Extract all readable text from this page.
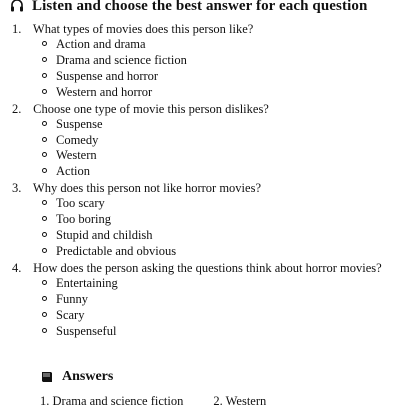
Listen and choose the best answer for each question

1. What types of movies does this person like?

Action and drama
Drama and science fiction
Suspense and horror
Western and horror

2. Choose one type of movie this person dislikes?

Suspense
Comedy
Western
Action

3. Why does this person not like horror movies?

Too scary
Too boring
Stupid and childish
Predictable and obvious

4. How does the person asking the questions think about horror movies?

Entertaining
Funny
Scary
Suspenseful
Answers
1. Drama and science fiction 2. Western
